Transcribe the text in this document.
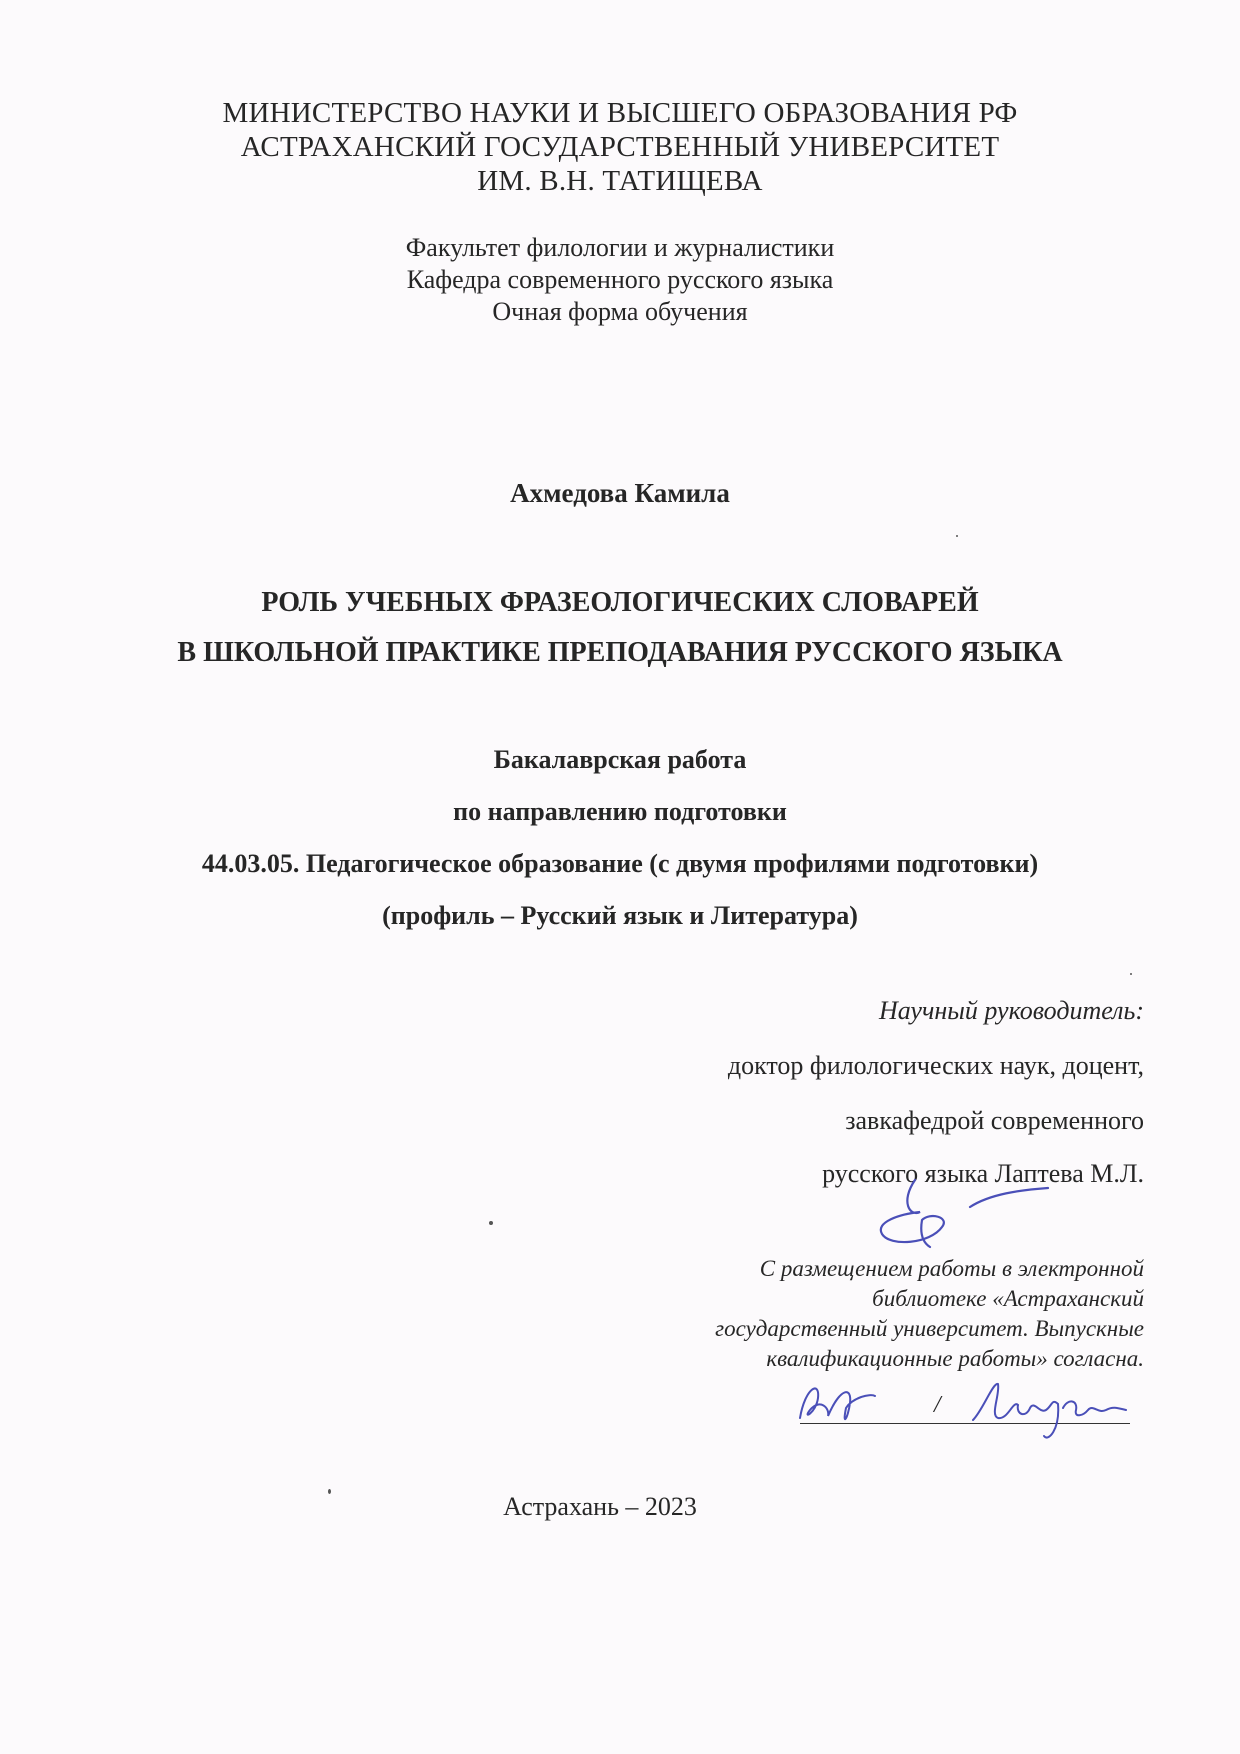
МИНИСТЕРСТВО НАУКИ И ВЫСШЕГО ОБРАЗОВАНИЯ РФ
АСТРАХАНСКИЙ ГОСУДАРСТВЕННЫЙ УНИВЕРСИТЕТ
ИМ. В.Н. ТАТИЩЕВА
Факультет филологии и журналистики
Кафедра современного русского языка
Очная форма обучения
Ахмедова Камила
РОЛЬ УЧЕБНЫХ ФРАЗЕОЛОГИЧЕСКИХ СЛОВАРЕЙ
В ШКОЛЬНОЙ ПРАКТИКЕ ПРЕПОДАВАНИЯ РУССКОГО ЯЗЫКА
Бакалаврская работа
по направлению подготовки
44.03.05. Педагогическое образование (с двумя профилями подготовки)
(профиль – Русский язык и Литература)
Научный руководитель:
доктор филологических наук, доцент,
завкафедрой современного
русского языка Лаптева М.Л.
С размещением работы в электронной
библиотеке «Астраханский
государственный университет. Выпускные
квалификационные работы» согласна.
/
Астрахань – 2023
